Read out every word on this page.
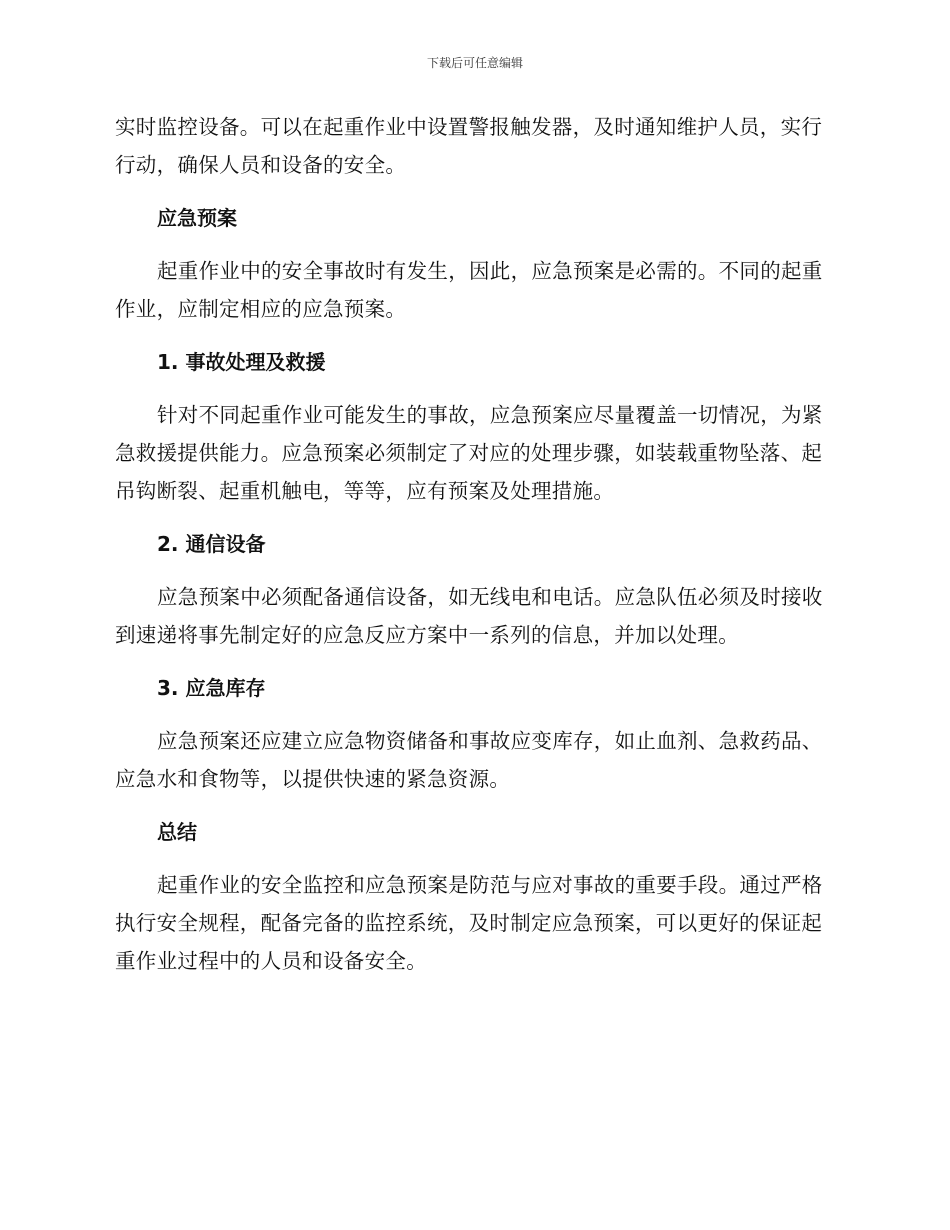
下载后可任意编辑

实时监控设备。可以在起重作业中设置警报触发器，及时通知维护人员，实行行动，确保人员和设备的安全。

应急预案

起重作业中的安全事故时有发生，因此，应急预案是必需的。不同的起重作业，应制定相应的应急预案。

1. 事故处理及救援

针对不同起重作业可能发生的事故，应急预案应尽量覆盖一切情况，为紧急救援提供能力。应急预案必须制定了对应的处理步骤，如装载重物坠落、起吊钩断裂、起重机触电，等等，应有预案及处理措施。

2. 通信设备

应急预案中必须配备通信设备，如无线电和电话。应急队伍必须及时接收到速递将事先制定好的应急反应方案中一系列的信息，并加以处理。

3. 应急库存

应急预案还应建立应急物资储备和事故应变库存，如止血剂、急救药品、应急水和食物等，以提供快速的紧急资源。

总结

起重作业的安全监控和应急预案是防范与应对事故的重要手段。通过严格执行安全规程，配备完备的监控系统，及时制定应急预案，可以更好的保证起重作业过程中的人员和设备安全。
